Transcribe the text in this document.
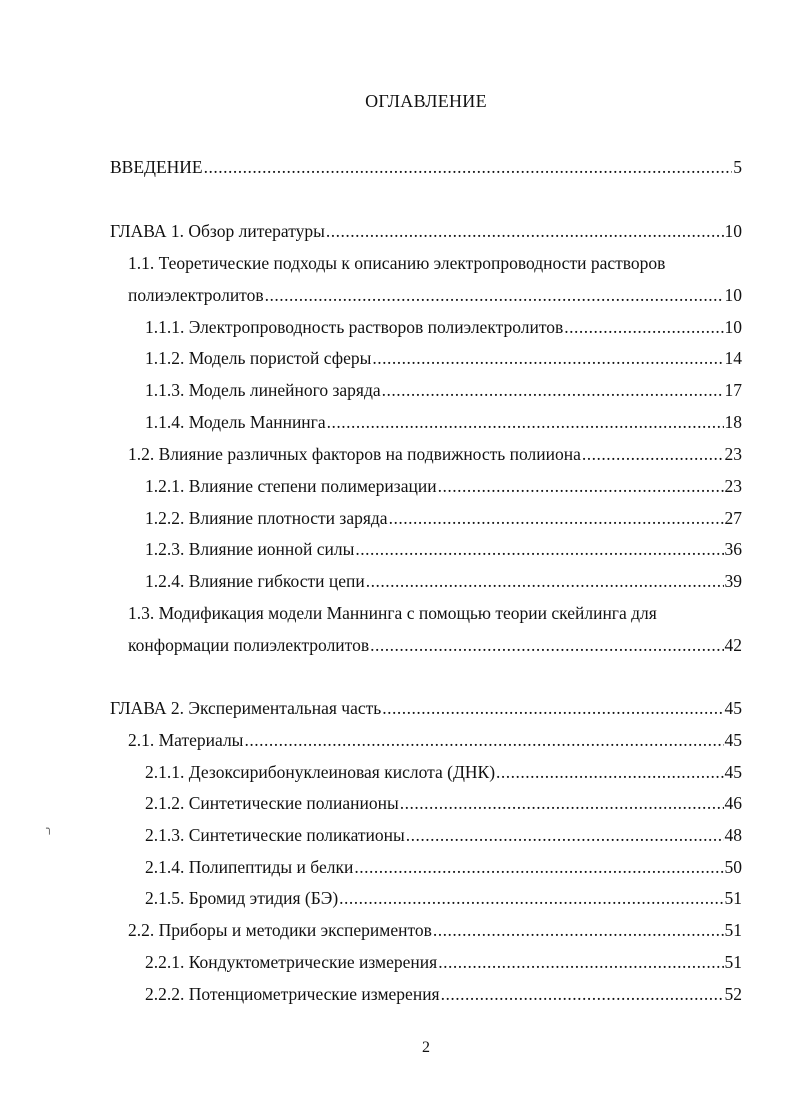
ОГЛАВЛЕНИЕ
ВВЕДЕНИЕ .....	5
ГЛАВА 1. Обзор литературы .....	10
1.1. Теоретические подходы к описанию электропроводности растворов
полиэлектролитов .....	10
1.1.1. Электропроводность растворов полиэлектролитов .....	10
1.1.2. Модель пористой сферы .....	14
1.1.3. Модель линейного заряда .....	17
1.1.4. Модель Маннинга .....	18
1.2. Влияние различных факторов на подвижность полииона .....	23
1.2.1. Влияние степени полимеризации .....	23
1.2.2. Влияние плотности заряда .....	27
1.2.3. Влияние ионной силы .....	36
1.2.4. Влияние гибкости цепи .....	39
1.3. Модификация модели Маннинга с помощью теории скейлинга для
конформации полиэлектролитов .....	42
ГЛАВА 2. Экспериментальная часть .....	45
2.1. Материалы .....	45
2.1.1. Дезоксирибонуклеиновая кислота (ДНК) .....	45
2.1.2. Синтетические полианионы .....	46
╮	2.1.3. Синтетические поликатионы .....	48
2.1.4. Полипептиды и белки .....	50
2.1.5. Бромид этидия (БЭ) .....	51
2.2. Приборы и методики экспериментов .....	51
2.2.1. Кондуктометрические измерения .....	51
2.2.2. Потенциометрические измерения .....	52
2
